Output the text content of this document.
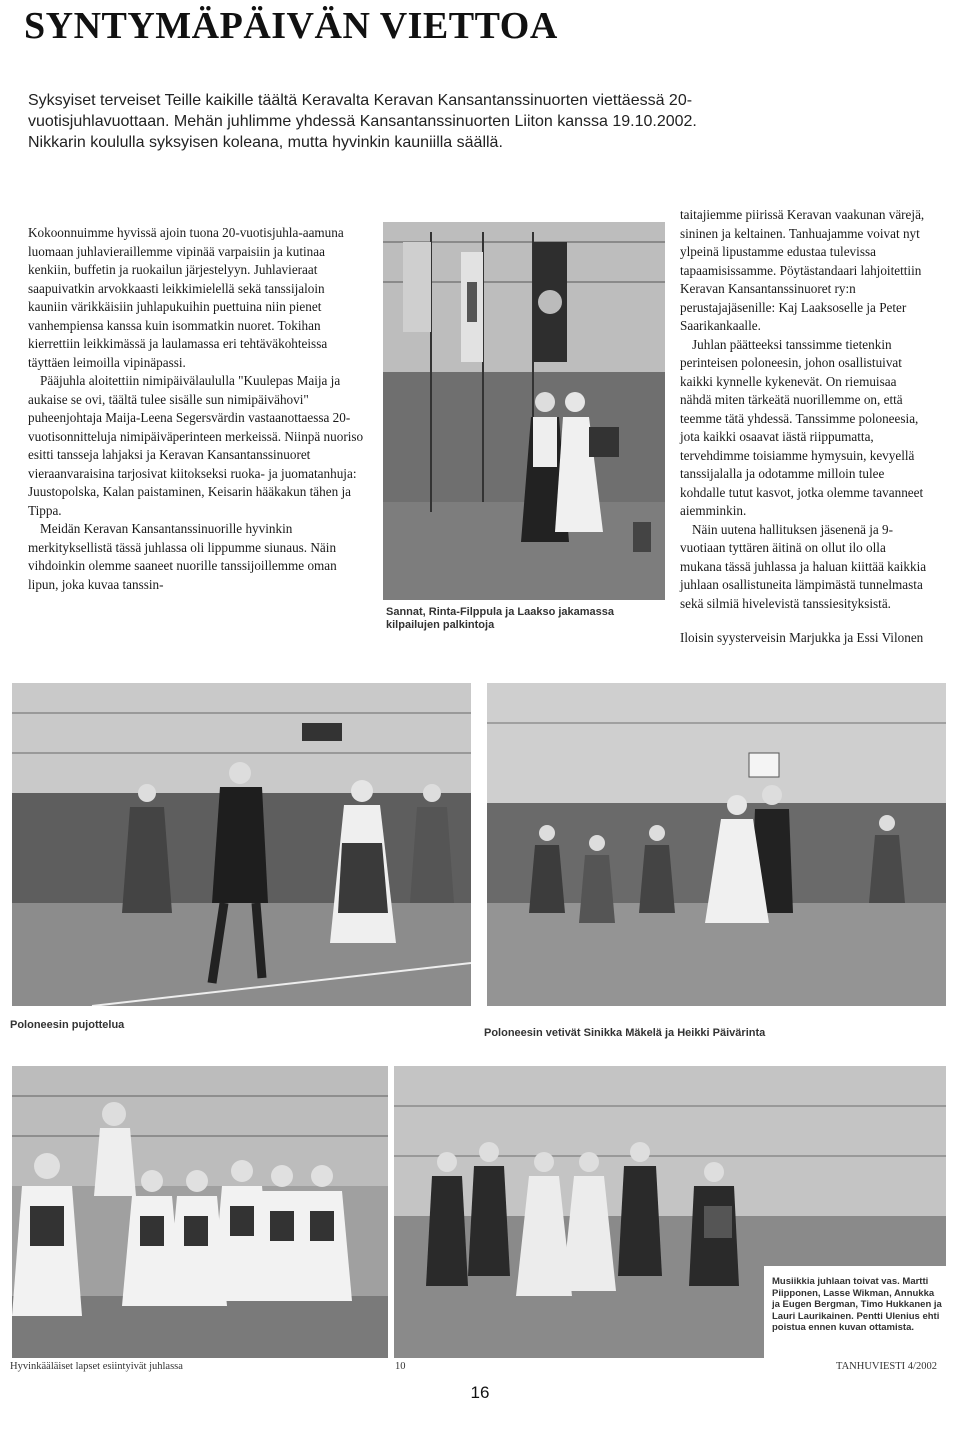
SYNTYMÄPÄIVÄN VIETTOA
Syksyiset terveiset Teille kaikille täältä Keravalta Keravan Kansantanssinuorten viettäessä 20-vuotisjuhlavuottaan. Mehän juhlimme yhdessä Kansantanssinuorten Liiton kanssa 19.10.2002. Nikkarin koululla syksyisen koleana, mutta hyvinkin kauniilla säällä.

Kokoonnuimme hyvissä ajoin tuona 20-vuotisjuhla-aamuna luomaan juhlavieraillemme vipinää varpaisiin ja kutinaa kenkiin, buffetin ja ruokailun järjestelyyn. Juhlavieraat saapuivatkin arvokkaasti leikkimielellä sekä tanssijaloin kauniin värikkäisiin juhlapukuihin puettuina niin pienet vanhempiensa kanssa kuin isommatkin nuoret. Tokihan kierrettiin leikkimässä ja laulamassa eri tehtäväkohteissa täyttäen leimoilla vipinäpassi.

Pääjuhla aloitettiin nimipäivälaululla "Kuulepas Maija ja aukaise se ovi, täältä tulee sisälle sun nimipäivähovi" puheenjohtaja Maija-Leena Segersvärdin vastaanottaessa 20-vuotisonnitteluja nimipäiväperinteen merkeissä. Niinpä nuoriso esitti tansseja lahjaksi ja Keravan Kansantanssinuoret vieraanvaraisina tarjosivat kiitokseksi ruoka- ja juomatanhuja: Juustopolska, Kalan paistaminen, Keisarin hääkakun tähen ja Tippa.

Meidän Keravan Kansantanssinuorille hyvinkin merkityksellistä tässä juhlassa oli lippumme siunaus. Näin vihdoinkin olemme saaneet nuorille tanssijoillemme oman lipun, joka kuvaa tanssin-

Sannat, Rinta-Filppula ja Laakso jakamassa kilpailujen palkintoja

taitajiemme piirissä Keravan vaakunan värejä, sininen ja keltainen. Tanhuajamme voivat nyt ylpeinä lipustamme edustaa tulevissa tapaamisissamme. Pöytästandaari lahjoitettiin Keravan Kansantanssinuoret ry:n perustajajäsenille: Kaj Laaksoselle ja Peter Saarikankaalle.

Juhlan päätteeksi tanssimme tietenkin perinteisen poloneesin, johon osallistuivat kaikki kynnelle kykenevät. On riemuisaa nähdä miten tärkeätä nuorillemme on, että teemme tätä yhdessä. Tanssimme poloneesia, jota kaikki osaavat iästä riippumatta, tervehdimme toisiamme hymysuin, kevyellä tanssijalalla ja odotamme milloin tulee kohdalle tutut kasvot, jotka olemme tavanneet aiemminkin.

Näin uutena hallituksen jäsenenä ja 9-vuotiaan tyttären äitinä on ollut ilo olla mukana tässä juhlassa ja haluan kiittää kaikkia juhlaan osallistuneita lämpimästä tunnelmasta sekä silmiä hivelevistä tanssiesityksistä.

Iloisin syysterveisin Marjukka ja Essi Vilonen

Poloneesin pujottelua
Poloneesin vetivät Sinikka Mäkelä ja Heikki Päivärinta
Hyvinkääläiset lapset esiintyivät juhlassa
Musiikkia juhlaan toivat vas. Martti Piipponen, Lasse Wikman, Annukka ja Eugen Bergman, Timo Hukkanen ja Lauri Laurikainen. Pentti Ulenius ehti poistua ennen kuvan ottamista.
10	TANHUVIESTI 4/2002
16
